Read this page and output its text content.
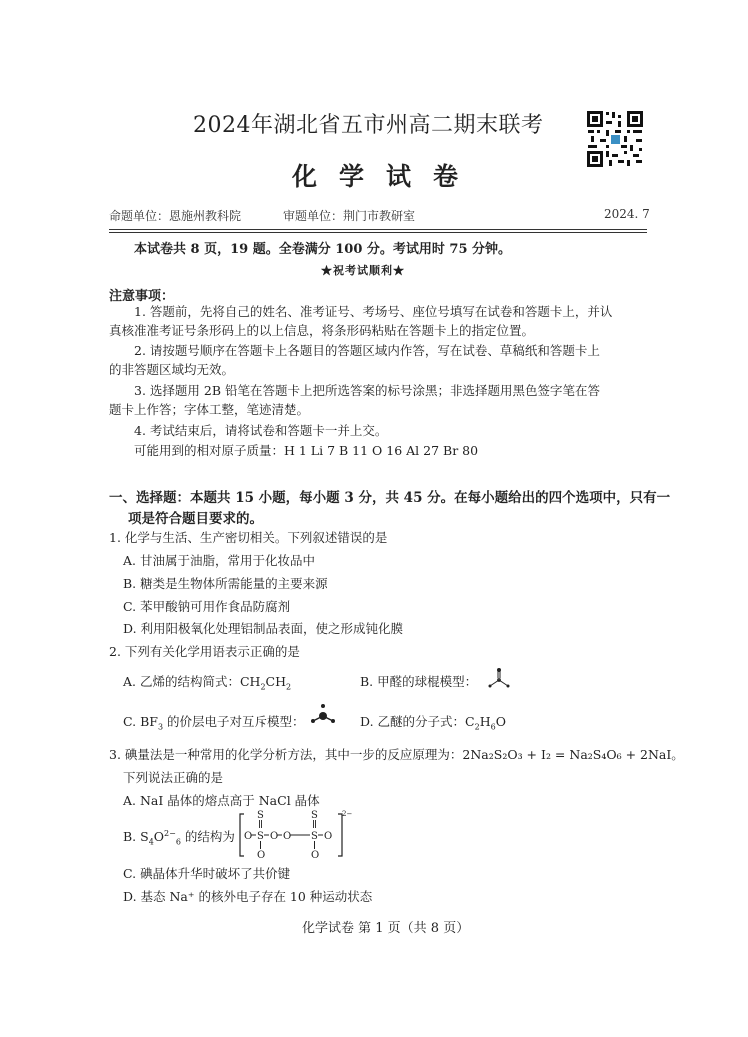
2024年湖北省五市州高二期末联考
化学试卷
命题单位：恩施州教科院	审题单位：荆门市教研室	2024. 7
本试卷共 8 页，19 题。全卷满分 100 分。考试用时 75 分钟。
★祝考试顺利★
注意事项：
1. 答题前，先将自己的姓名、准考证号、考场号、座位号填写在试卷和答题卡上，并认
真核准准考证号条形码上的以上信息，将条形码粘贴在答题卡上的指定位置。
2. 请按题号顺序在答题卡上各题目的答题区域内作答，写在试卷、草稿纸和答题卡上
的非答题区域均无效。
3. 选择题用 2B 铅笔在答题卡上把所选答案的标号涂黑；非选择题用黑色签字笔在答
题卡上作答；字体工整，笔迹清楚。
4. 考试结束后，请将试卷和答题卡一并上交。
可能用到的相对原子质量：H 1 Li 7 B 11 O 16 Al 27 Br 80
一、选择题：本题共 15 小题，每小题 3 分，共 45 分。在每小题给出的四个选项中，只有一
项是符合题目要求的。
1. 化学与生活、生产密切相关。下列叙述错误的是
A. 甘油属于油脂，常用于化妆品中
B. 糖类是生物体所需能量的主要来源
C. 苯甲酸钠可用作食品防腐剂
D. 利用阳极氧化处理铝制品表面，使之形成钝化膜
2. 下列有关化学用语表示正确的是
A. 乙烯的结构简式：$CH_2CH_2$	B. 甲醛的球棍模型：
C. $BF_3$ 的价层电子对互斥模型：	D. 乙醚的分子式：$C_2H_6O$
3. 碘量法是一种常用的化学分析方法，其中一步的反应原理为：2Na₂S₂O₃ + I₂ = Na₂S₄O₆ + 2NaI。
下列说法正确的是
A. NaI 晶体的熔点高于 NaCl 晶体
B. $S_4O^{2-}_6$ 的结构为 O S O O S O
S
O
S
O
2−
C. 碘晶体升华时破坏了共价键
D. 基态 Na⁺ 的核外电子存在 10 种运动状态
化学试卷 第 1 页（共 8 页）
